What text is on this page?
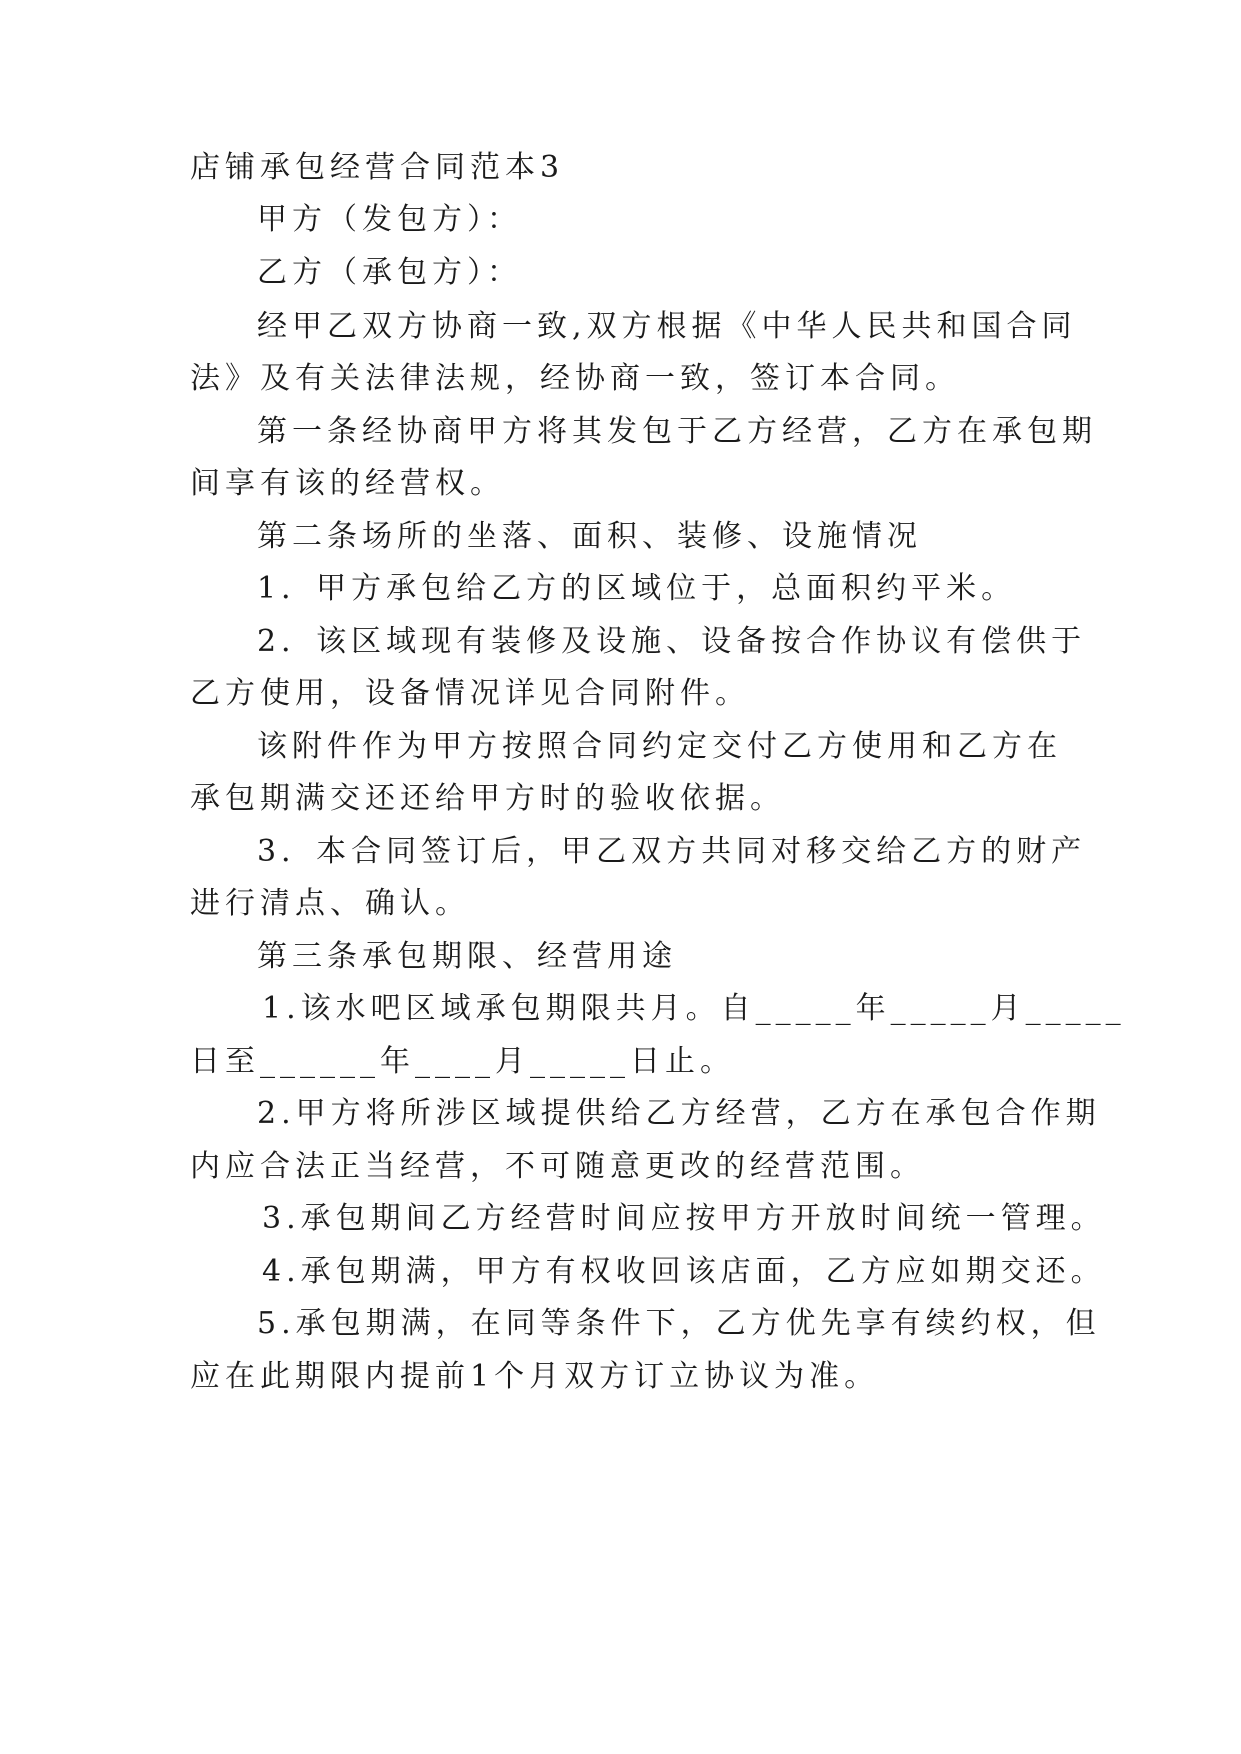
店铺承包经营合同范本3
甲方（发包方）：
乙方（承包方）：
经甲乙双方协商一致,双方根据《中华人民共和国合同
法》及有关法律法规，经协商一致，签订本合同。
第一条经协商甲方将其发包于乙方经营，乙方在承包期
间享有该的经营权。
第二条场所的坐落、面积、装修、设施情况
1．甲方承包给乙方的区域位于，总面积约平米。
2．该区域现有装修及设施、设备按合作协议有偿供于
乙方使用，设备情况详见合同附件。
该附件作为甲方按照合同约定交付乙方使用和乙方在
承包期满交还还给甲方时的验收依据。
3．本合同签订后，甲乙双方共同对移交给乙方的财产
进行清点、确认。
第三条承包期限、经营用途
1.该水吧区域承包期限共月。自_____年_____月_____
日至______年____月_____日止。
2.甲方将所涉区域提供给乙方经营，乙方在承包合作期
内应合法正当经营，不可随意更改的经营范围。
3.承包期间乙方经营时间应按甲方开放时间统一管理。
4.承包期满，甲方有权收回该店面，乙方应如期交还。
5.承包期满，在同等条件下，乙方优先享有续约权，但
应在此期限内提前1个月双方订立协议为准。
